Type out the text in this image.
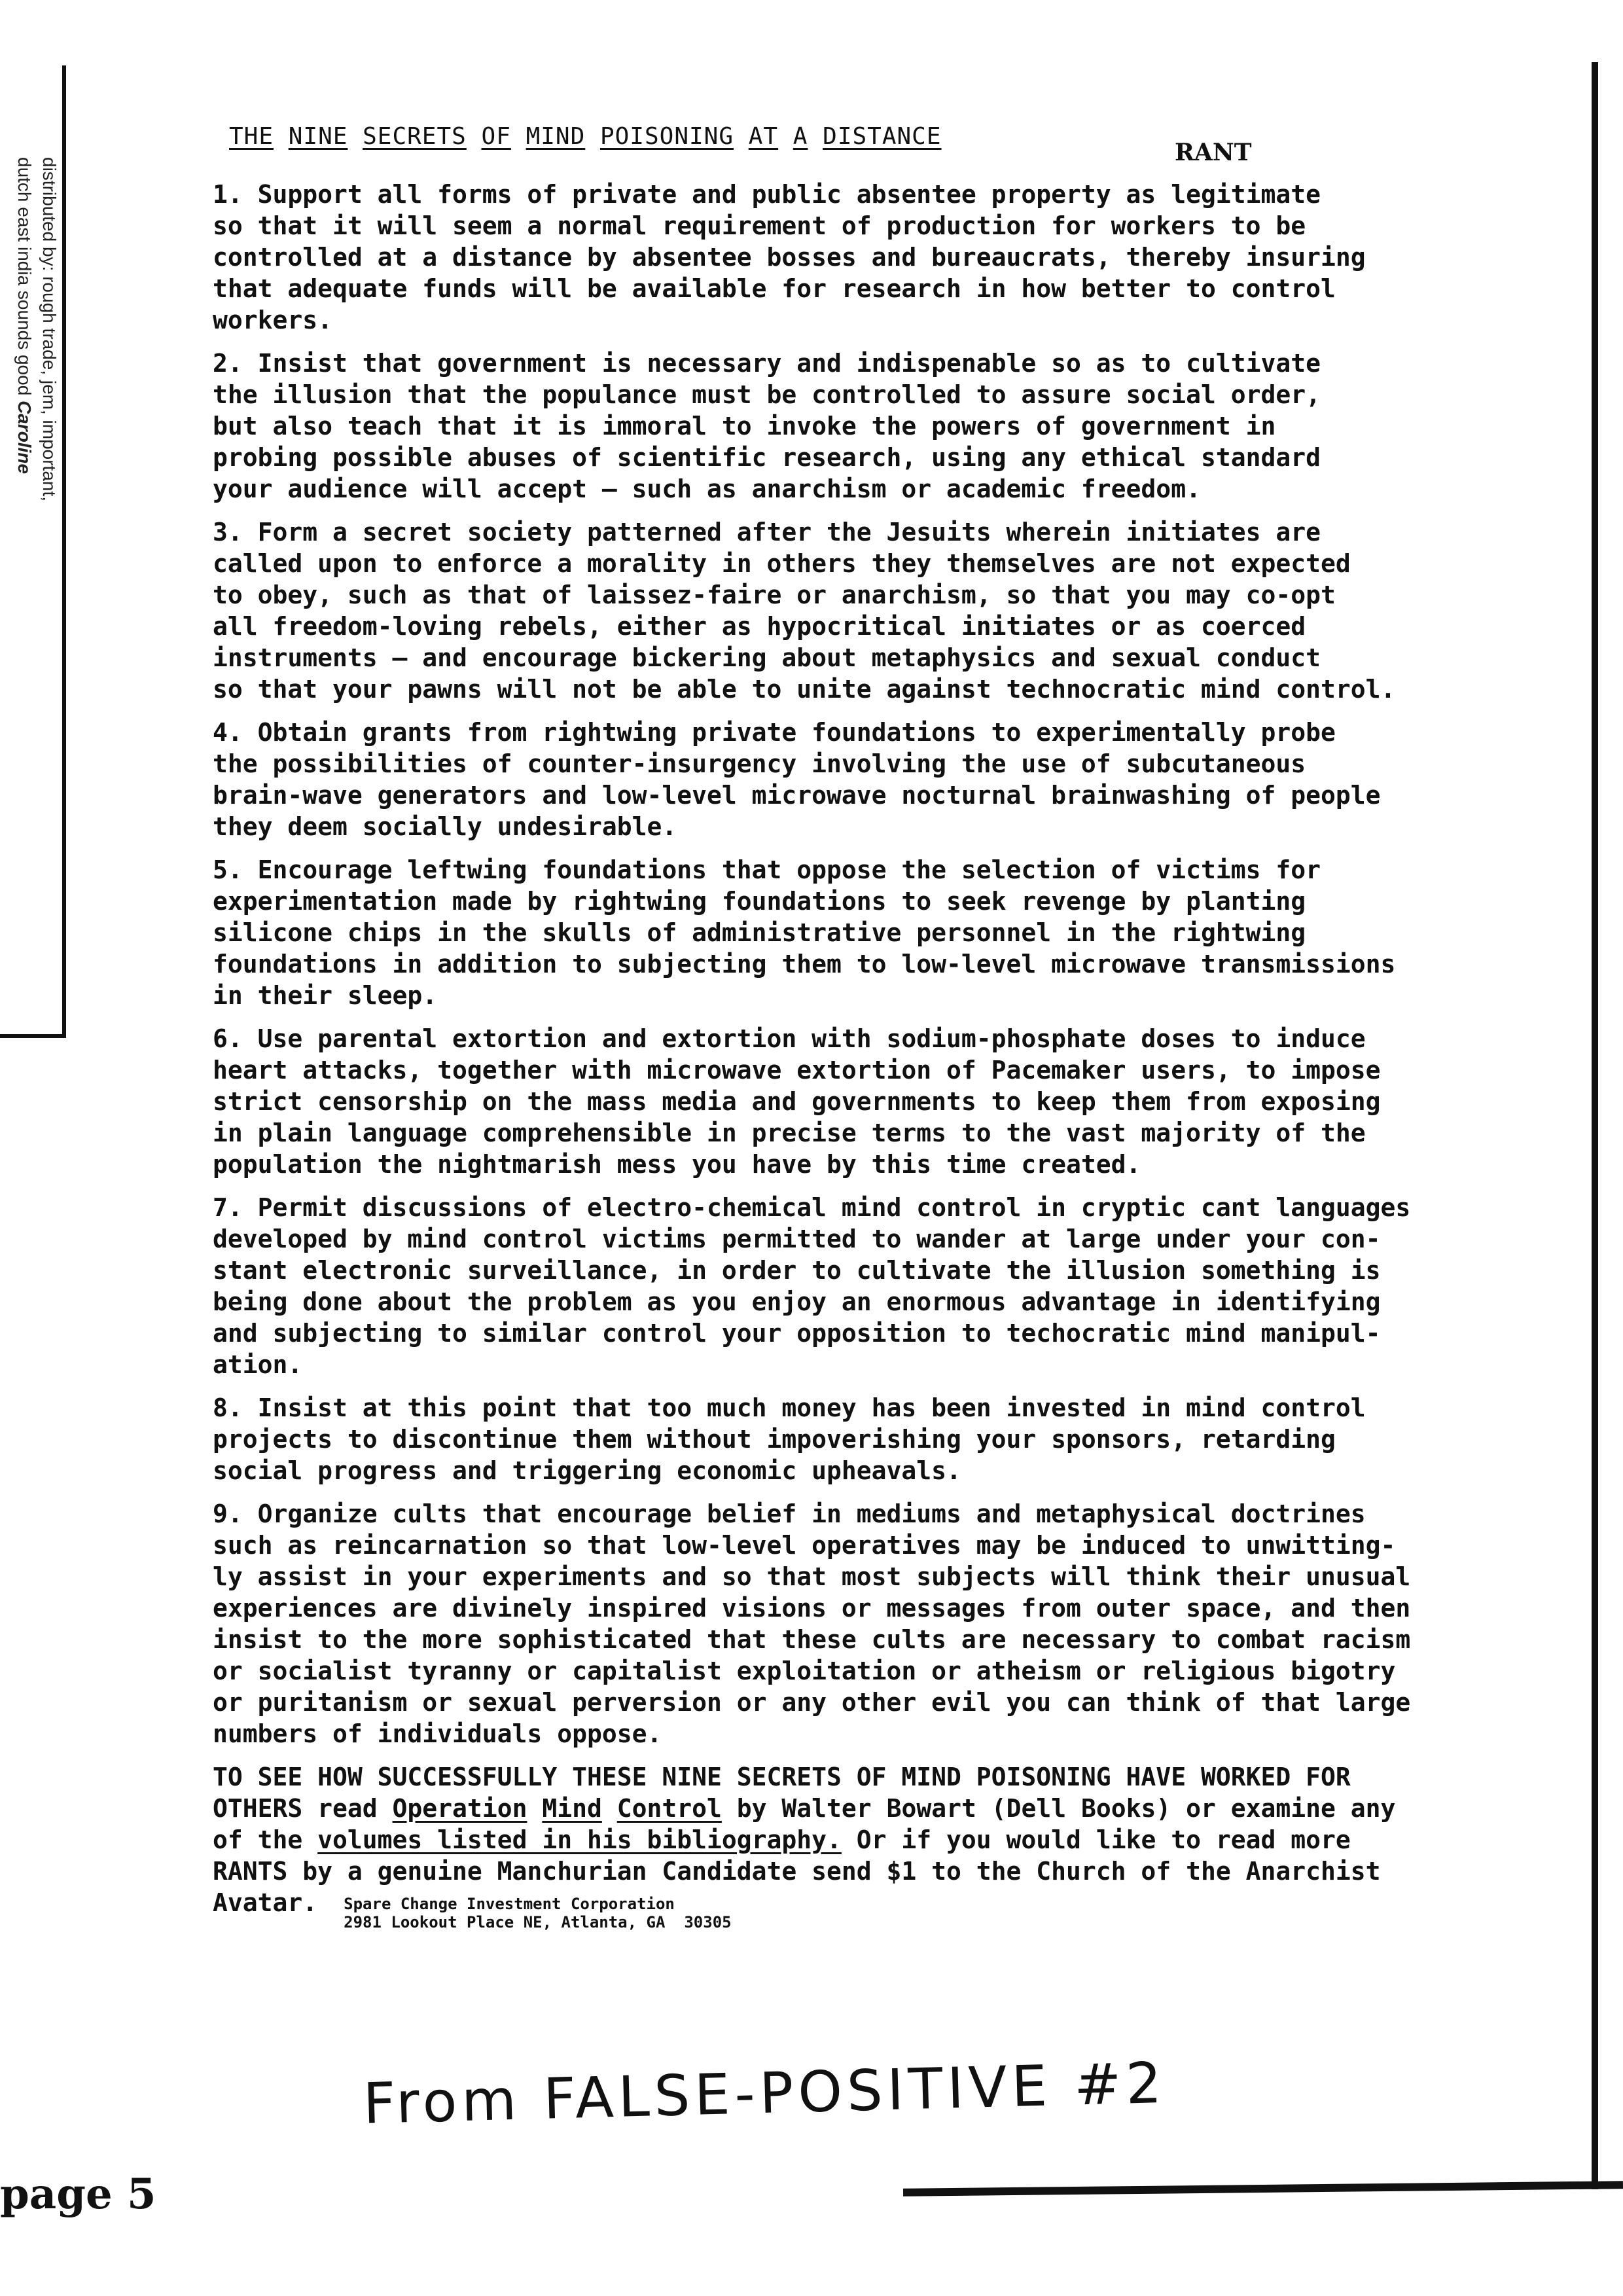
distributed by: rough trade, jem, important,
dutch east india sounds good Caroline
RANT
THE NINE SECRETS OF MIND POISONING AT A DISTANCE

1. Support all forms of private and public absentee property as legitimate

so that it will seem a normal requirement of production for workers to be

controlled at a distance by absentee bosses and bureaucrats, thereby insuring

that adequate funds will be available for research in how better to control

workers.

2. Insist that government is necessary and indispenable so as to cultivate

the illusion that the populance must be controlled to assure social order,

but also teach that it is immoral to invoke the powers of government in

probing possible abuses of scientific research, using any ethical standard

your audience will accept — such as anarchism or academic freedom.

3. Form a secret society patterned after the Jesuits wherein initiates are

called upon to enforce a morality in others they themselves are not expected

to obey, such as that of laissez-faire or anarchism, so that you may co-opt

all freedom-loving rebels, either as hypocritical initiates or as coerced

instruments — and encourage bickering about metaphysics and sexual conduct

so that your pawns will not be able to unite against technocratic mind control.

4. Obtain grants from rightwing private foundations to experimentally probe

the possibilities of counter-insurgency involving the use of subcutaneous

brain-wave generators and low-level microwave nocturnal brainwashing of people

they deem socially undesirable.

5. Encourage leftwing foundations that oppose the selection of victims for

experimentation made by rightwing foundations to seek revenge by planting

silicone chips in the skulls of administrative personnel in the rightwing

foundations in addition to subjecting them to low-level microwave transmissions

in their sleep.

6. Use parental extortion and extortion with sodium-phosphate doses to induce

heart attacks, together with microwave extortion of Pacemaker users, to impose

strict censorship on the mass media and governments to keep them from exposing

in plain language comprehensible in precise terms to the vast majority of the

population the nightmarish mess you have by this time created.

7. Permit discussions of electro-chemical mind control in cryptic cant languages

developed by mind control victims permitted to wander at large under your con-

stant electronic surveillance, in order to cultivate the illusion something is

being done about the problem as you enjoy an enormous advantage in identifying

and subjecting to similar control your opposition to techocratic mind manipul-

ation.

8. Insist at this point that too much money has been invested in mind control

projects to discontinue them without impoverishing your sponsors, retarding

social progress and triggering economic upheavals.

9. Organize cults that encourage belief in mediums and metaphysical doctrines

such as reincarnation so that low-level operatives may be induced to unwitting-

ly assist in your experiments and so that most subjects will think their unusual

experiences are divinely inspired visions or messages from outer space, and then

insist to the more sophisticated that these cults are necessary to combat racism

or socialist tyranny or capitalist exploitation or atheism or religious bigotry

or puritanism or sexual perversion or any other evil you can think of that large

numbers of individuals oppose.

TO SEE HOW SUCCESSFULLY THESE NINE SECRETS OF MIND POISONING HAVE WORKED FOR

OTHERS read Operation Mind Control by Walter Bowart (Dell Books) or examine any

of the volumes listed in his bibliography. Or if you would like to read more

RANTS by a genuine Manchurian Candidate send $1 to the Church of the Anarchist

Avatar. Spare Change Investment Corporation
2981 Lookout Place NE, Atlanta, GA 30305

From FALSE-POSITIVE #2
page 5
